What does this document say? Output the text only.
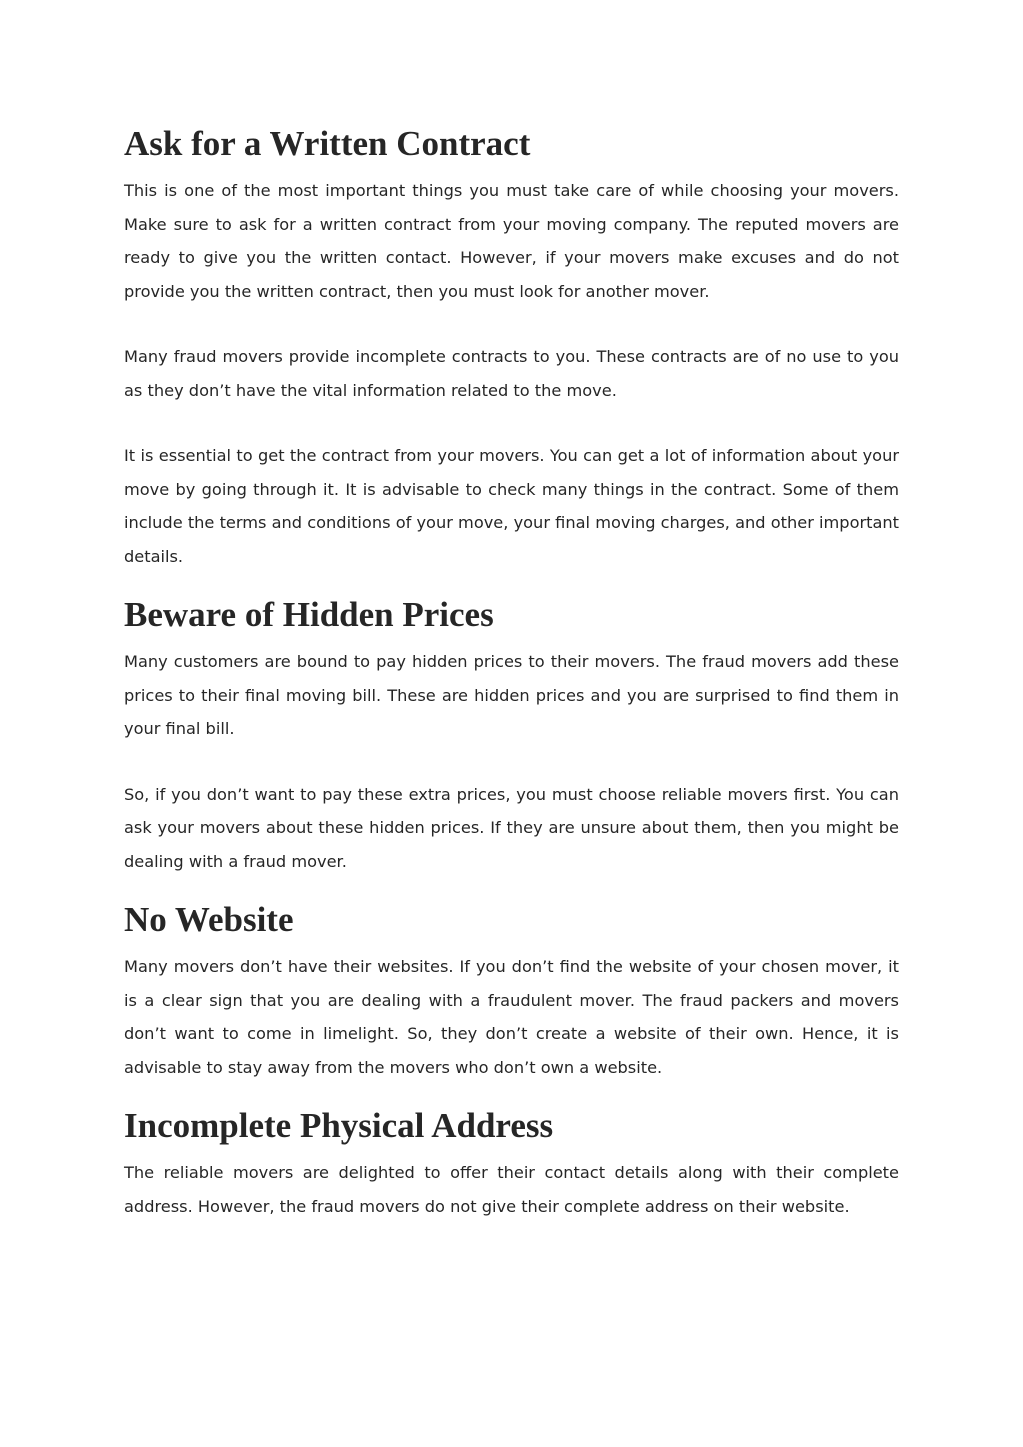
Ask for a Written Contract

This is one of the most important things you must take care of while choosing your movers. Make sure to ask for a written contract from your moving company. The reputed movers are ready to give you the written contact. However, if your movers make excuses and do not provide you the written contract, then you must look for another mover.

Many fraud movers provide incomplete contracts to you. These contracts are of no use to you as they don’t have the vital information related to the move.

It is essential to get the contract from your movers. You can get a lot of information about your move by going through it. It is advisable to check many things in the contract. Some of them include the terms and conditions of your move, your final moving charges, and other important details.

Beware of Hidden Prices

Many customers are bound to pay hidden prices to their movers. The fraud movers add these prices to their final moving bill. These are hidden prices and you are surprised to find them in your final bill.

So, if you don’t want to pay these extra prices, you must choose reliable movers first. You can ask your movers about these hidden prices. If they are unsure about them, then you might be dealing with a fraud mover.

No Website

Many movers don’t have their websites. If you don’t find the website of your chosen mover, it is a clear sign that you are dealing with a fraudulent mover. The fraud packers and movers don’t want to come in limelight. So, they don’t create a website of their own. Hence, it is advisable to stay away from the movers who don’t own a website.

Incomplete Physical Address

The reliable movers are delighted to offer their contact details along with their complete address. However, the fraud movers do not give their complete address on their website.
